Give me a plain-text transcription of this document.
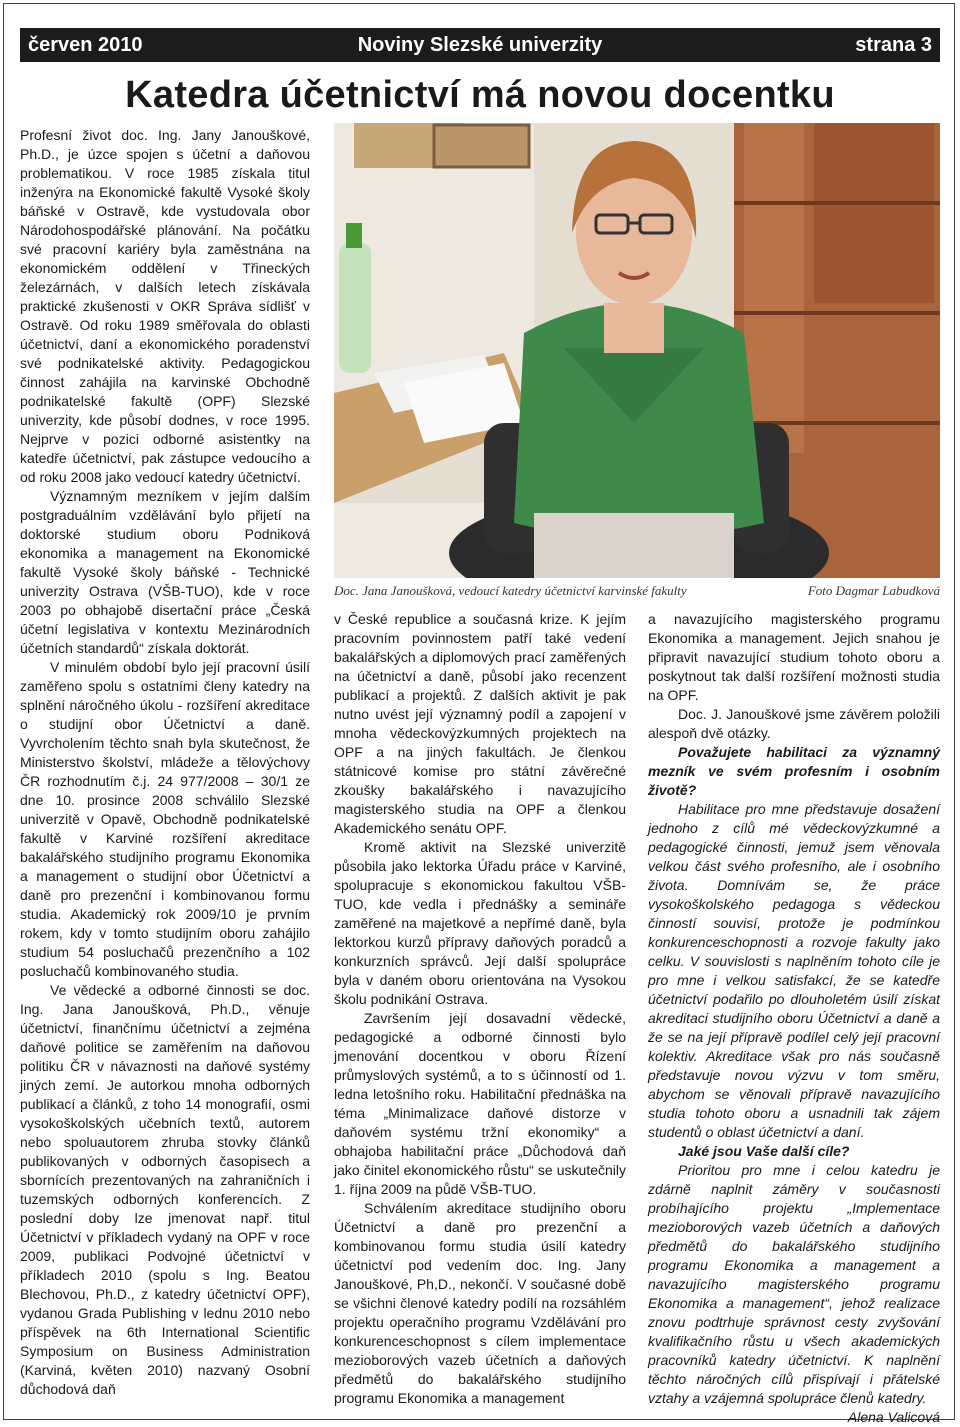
červen 2010	Noviny Slezské univerzity	strana 3
Katedra účetnictví má novou docentku

Profesní život doc. Ing. Jany Janouškové, Ph.D., je úzce spojen s účetní a daňovou problematikou. V roce 1985 získala titul inženýra na Ekonomické fakultě Vysoké školy báňské v Ostravě, kde vystudovala obor Národohospodářské plánování. Na počátku své pracovní kariéry byla zaměstnána na ekonomickém oddělení v Třineckých železárnách, v dalších letech získávala praktické zkušenosti v OKR Správa sídlišť v Ostravě. Od roku 1989 směřovala do oblasti účetnictví, daní a ekonomického poradenství své podnikatelské aktivity. Pedagogickou činnost zahájila na karvinské Obchodně podnikatelské fakultě (OPF) Slezské univerzity, kde působí dodnes, v roce 1995. Nejprve v pozici odborné asistentky na katedře účetnictví, pak zástupce vedoucího a od roku 2008 jako vedoucí katedry účetnictví.

Významným mezníkem v jejím dalším postgraduálním vzdělávání bylo přijetí na doktorské studium oboru Podniková ekonomika a management na Ekonomické fakultě Vysoké školy báňské - Technické univerzity Ostrava (VŠB-TUO), kde v roce 2003 po obhajobě disertační práce „Česká účetní legislativa v kontextu Mezinárodních účetních standardů“ získala doktorát.

V minulém období bylo její pracovní úsilí zaměřeno spolu s ostatními členy katedry na splnění náročného úkolu - rozšíření akreditace o studijní obor Účetnictví a daně. Vyvrcholením těchto snah byla skutečnost, že Ministerstvo školství, mládeže a tělovýchovy ČR rozhodnutím č.j. 24 977/2008 – 30/1 ze dne 10. prosince 2008 schválilo Slezské univerzitě v Opavě, Obchodně podnikatelské fakultě v Karviné rozšíření akreditace bakalářského studijního programu Ekonomika a management o studijní obor Účetnictví a daně pro prezenční i kombinovanou formu studia. Akademický rok 2009/10 je prvním rokem, kdy v tomto studijním oboru zahájilo studium 54 posluchačů prezenčního a 102 posluchačů kombinovaného studia.

Ve vědecké a odborné činnosti se doc. Ing. Jana Janoušková, Ph.D., věnuje účetnictví, finančnímu účetnictví a zejména daňové politice se zaměřením na daňovou politiku ČR v návaznosti na daňové systémy jiných zemí. Je autorkou mnoha odborných publikací a článků, z toho 14 monografií, osmi vysokoškolských učebních textů, autorem nebo spoluautorem zhruba stovky článků publikovaných v odborných časopisech a sbornících prezentovaných na zahraničních i tuzemských odborných konferencích. Z poslední doby lze jmenovat např. titul Účetnictví v příkladech vydaný na OPF v roce 2009, publikaci Podvojné účetnictví v příkladech 2010 (spolu s Ing. Beatou Blechovou, Ph.D., z katedry účetnictví OPF), vydanou Grada Publishing v lednu 2010 nebo příspěvek na 6th International Scientific Symposium on Business Administration (Karviná, květen 2010) nazvaný Osobní důchodová daň

Doc. Jana Janoušková, vedoucí katedry účetnictví karvinské fakulty	Foto Dagmar Labudková

v České republice a současná krize. K jejím pracovním povinnostem patří také vedení bakalářských a diplomových prací zaměřených na účetnictví a daně, působí jako recenzent publikací a projektů. Z dalších aktivit je pak nutno uvést její významný podíl a zapojení v mnoha vědeckovýzkumných projektech na OPF a na jiných fakultách. Je členkou státnicové komise pro státní závěrečné zkoušky bakalářského i navazujícího magisterského studia na OPF a členkou Akademického senátu OPF.

Kromě aktivit na Slezské univerzitě působila jako lektorka Úřadu práce v Karviné, spolupracuje s ekonomickou fakultou VŠB-TUO, kde vedla i přednášky a semináře zaměřené na majetkové a nepřímé daně, byla lektorkou kurzů přípravy daňových poradců a konkurzních správců. Její další spolupráce byla v daném oboru orientována na Vysokou školu podnikání Ostrava.

Završením její dosavadní vědecké, pedagogické a odborné činnosti bylo jmenování docentkou v oboru Řízení průmyslových systémů, a to s účinností od 1. ledna letošního roku. Habilitační přednáška na téma „Minimalizace daňové distorze v daňovém systému tržní ekonomiky“ a obhajoba habilitační práce „Důchodová daň jako činitel ekonomického růstu“ se uskutečnily 1. října 2009 na půdě VŠB-TUO.

Schválením akreditace studijního oboru Účetnictví a daně pro prezenční a kombinovanou formu studia úsilí katedry účetnictví pod vedením doc. Ing. Jany Janouškové, Ph,D., nekončí. V současné době se všichni členové katedry podílí na rozsáhlém projektu operačního programu Vzdělávání pro konkurenceschopnost s cílem implementace mezioborových vazeb účetních a daňových předmětů do bakalářského studijního programu Ekonomika a management

a navazujícího magisterského programu Ekonomika a management. Jejich snahou je připravit navazující studium tohoto oboru a poskytnout tak další rozšíření možnosti studia na OPF.

Doc. J. Janouškové jsme závěrem položili alespoň dvě otázky.

Považujete habilitaci za významný mezník ve svém profesním i osobním životě?

Habilitace pro mne představuje dosažení jednoho z cílů mé vědeckovýzkumné a pedagogické činnosti, jemuž jsem věnovala velkou část svého profesního, ale i osobního života. Domnívám se, že práce vysokoškolského pedagoga s vědeckou činností souvisí, protože je podmínkou konkurenceschopnosti a rozvoje fakulty jako celku. V souvislosti s naplněním tohoto cíle je pro mne i velkou satisfakcí, že se katedře účetnictví podařilo po dlouholetém úsilí získat akreditaci studijního oboru Účetnictví a daně a že se na její přípravě podílel celý její pracovní kolektiv. Akreditace však pro nás současně představuje novou výzvu v tom směru, abychom se věnovali přípravě navazujícího studia tohoto oboru a usnadnili tak zájem studentů o oblast účetnictví a daní.

Jaké jsou Vaše další cíle?

Prioritou pro mne i celou katedru je zdárně naplnit záměry v současnosti probíhajícího projektu „Implementace mezioborových vazeb účetních a daňových předmětů do bakalářského studijního programu Ekonomika a management a navazujícího magisterského programu Ekonomika a management“, jehož realizace znovu podtrhuje správnost cesty zvyšování kvalifikačního růstu u všech akademických pracovníků katedry účetnictví. K naplnění těchto náročných cílů přispívají i přátelské vztahy a vzájemná spolupráce členů katedry.
Alena Valicová
